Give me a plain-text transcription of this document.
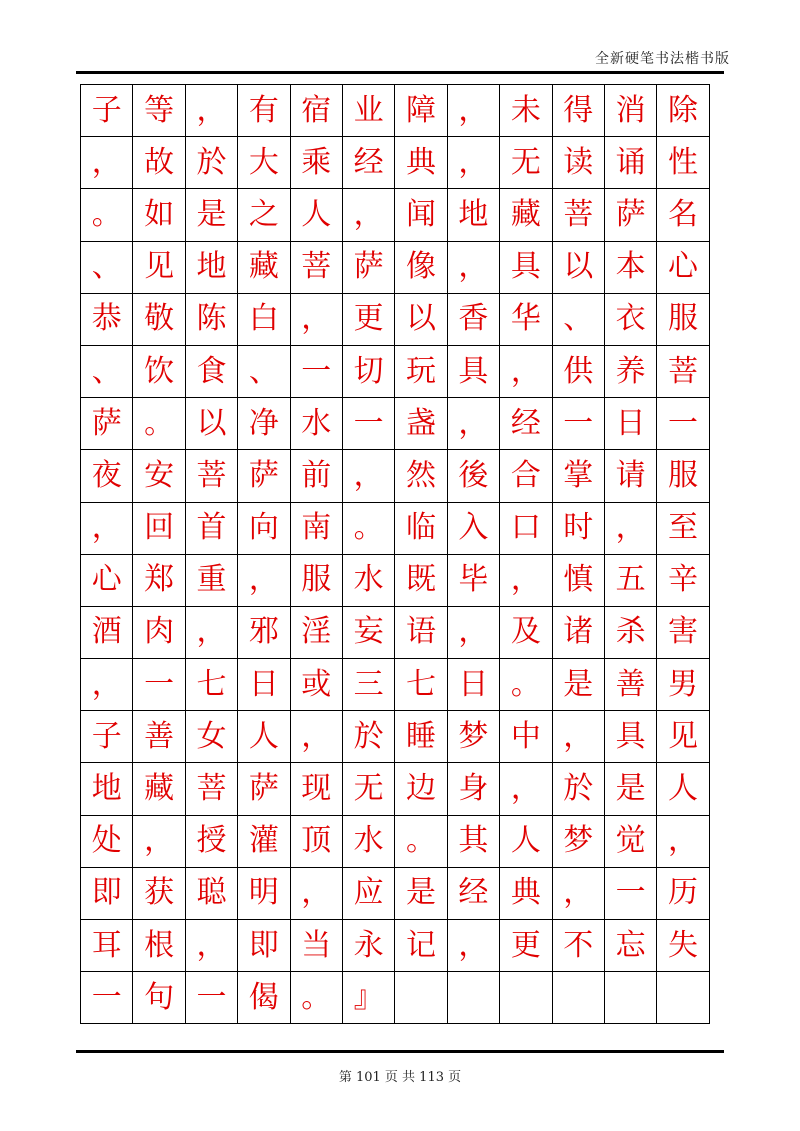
全新硬笔书法楷书版
子 等 ， 有 宿 业 障 ， 未 得 消 除
， 故 於 大 乘 经 典 ， 无 读 诵 性
。 如 是 之 人 ， 闻 地 藏 菩 萨 名
、 见 地 藏 菩 萨 像 ， 具 以 本 心
恭 敬 陈 白 ， 更 以 香 华 、 衣 服
、 饮 食 、 一 切 玩 具 ， 供 养 菩
萨 。 以 净 水 一 盏 ， 经 一 日 一
夜 安 菩 萨 前 ， 然 後 合 掌 请 服
， 回 首 向 南 。 临 入 口 时 ， 至
心 郑 重 ， 服 水 既 毕 ， 慎 五 辛
酒 肉 ， 邪 淫 妄 语 ， 及 诸 杀 害
， 一 七 日 或 三 七 日 。 是 善 男
子 善 女 人 ， 於 睡 梦 中 ， 具 见
地 藏 菩 萨 现 无 边 身 ， 於 是 人
处 ， 授 灌 顶 水 。 其 人 梦 觉 ，
即 获 聪 明 ， 应 是 经 典 ， 一 历
耳 根 ， 即 当 永 记 ， 更 不 忘 失
一 句 一 偈 。 』
第 101 页 共 113 页
